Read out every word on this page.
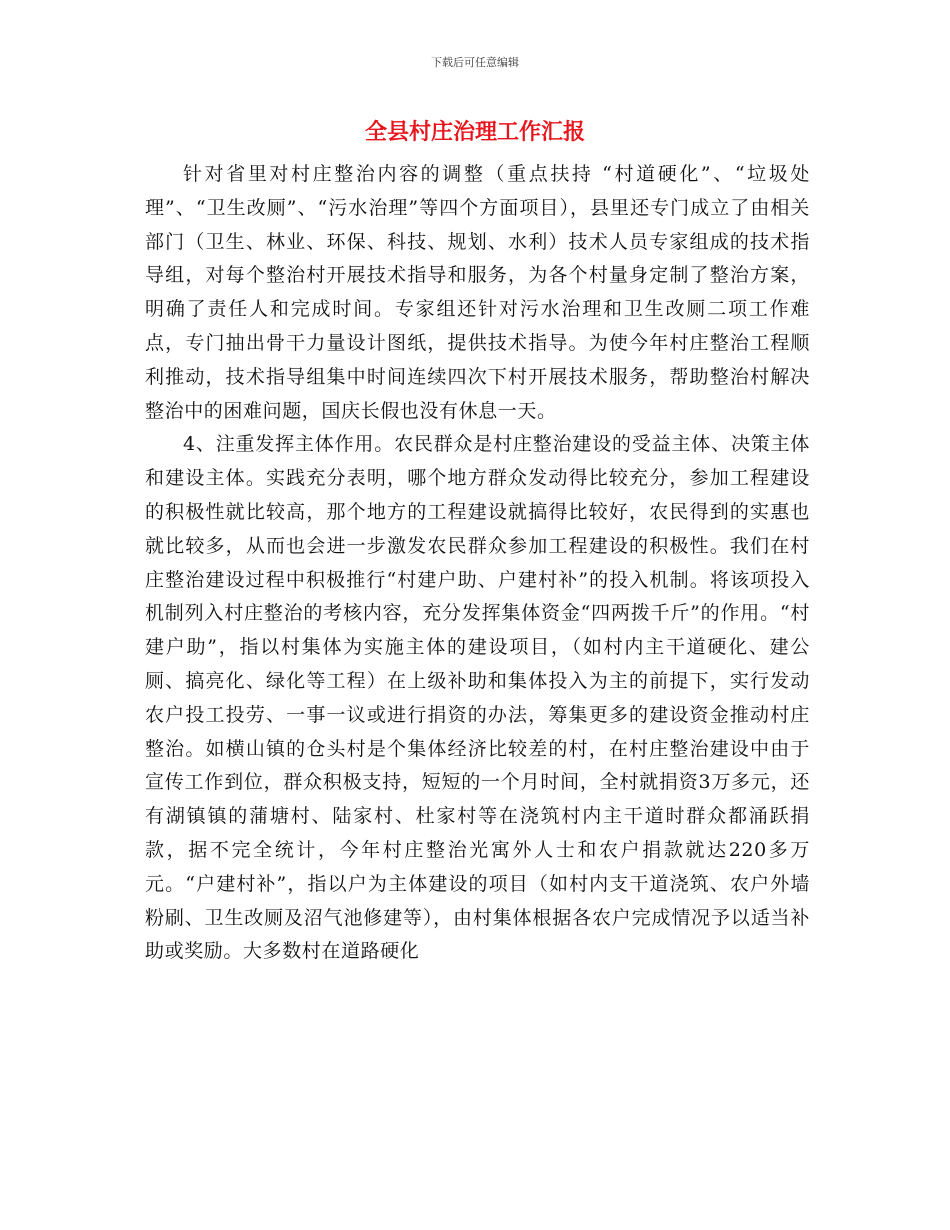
下载后可任意编辑
全县村庄治理工作汇报

针对省里对村庄整治内容的调整（重点扶持 “村道硬化”、“垃圾处理”、“卫生改厕”、“污水治理”等四个方面项目），县里还专门成立了由相关部门（卫生、林业、环保、科技、规划、水利）技术人员专家组成的技术指导组，对每个整治村开展技术指导和服务，为各个村量身定制了整治方案，明确了责任人和完成时间。专家组还针对污水治理和卫生改厕二项工作难点，专门抽出骨干力量设计图纸，提供技术指导。为使今年村庄整治工程顺利推动，技术指导组集中时间连续四次下村开展技术服务，帮助整治村解决整治中的困难问题，国庆长假也没有休息一天。

4、注重发挥主体作用。农民群众是村庄整治建设的受益主体、决策主体和建设主体。实践充分表明，哪个地方群众发动得比较充分，参加工程建设的积极性就比较高，那个地方的工程建设就搞得比较好，农民得到的实惠也就比较多，从而也会进一步激发农民群众参加工程建设的积极性。我们在村庄整治建设过程中积极推行“村建户助、户建村补”的投入机制。将该项投入机制列入村庄整治的考核内容，充分发挥集体资金“四两拨千斤”的作用。“村建户助”，指以村集体为实施主体的建设项目，（如村内主干道硬化、建公厕、搞亮化、绿化等工程）在上级补助和集体投入为主的前提下，实行发动农户投工投劳、一事一议或进行捐资的办法，筹集更多的建设资金推动村庄整治。如横山镇的仓头村是个集体经济比较差的村，在村庄整治建设中由于宣传工作到位，群众积极支持，短短的一个月时间，全村就捐资3万多元，还有湖镇镇的蒲塘村、陆家村、杜家村等在浇筑村内主干道时群众都涌跃捐款，据不完全统计，今年村庄整治光寓外人士和农户捐款就达220多万元。“户建村补”，指以户为主体建设的项目（如村内支干道浇筑、农户外墙粉刷、卫生改厕及沼气池修建等），由村集体根据各农户完成情况予以适当补助或奖励。大多数村在道路硬化
